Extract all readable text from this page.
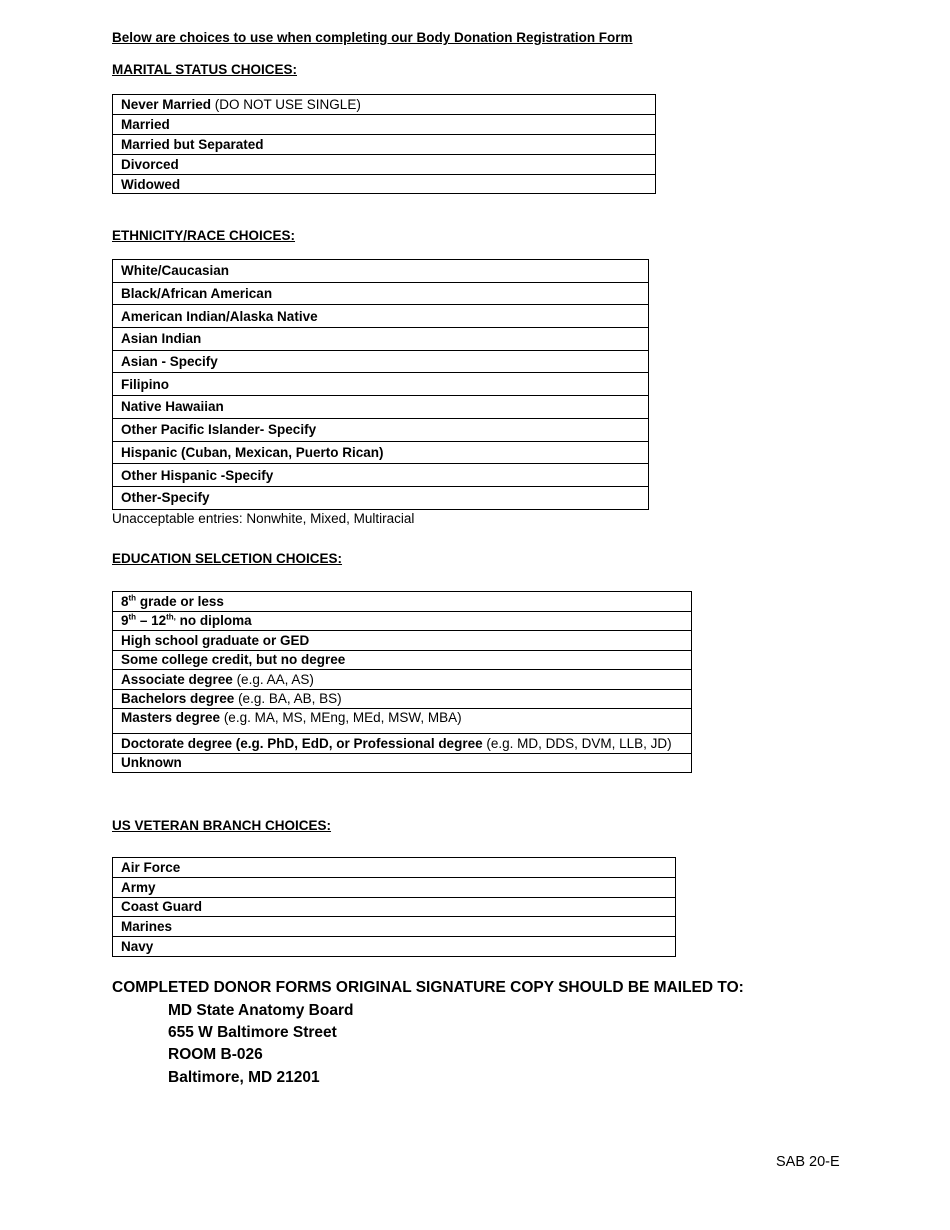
Below are choices to use when completing our Body Donation Registration Form
MARITAL STATUS CHOICES:
Never Married (DO NOT USE SINGLE)
Married
Married but Separated
Divorced
Widowed
ETHNICITY/RACE CHOICES:
White/Caucasian
Black/African American
American Indian/Alaska Native
Asian Indian
Asian - Specify
Filipino
Native Hawaiian
Other Pacific Islander- Specify
Hispanic (Cuban, Mexican, Puerto Rican)
Other Hispanic -Specify
Other-Specify
Unacceptable entries: Nonwhite, Mixed, Multiracial
EDUCATION SELCETION CHOICES:
8th grade or less
$9th - 12^{th,}$ no diploma
High school graduate or GED
Some college credit, but no degree
Associate degree (e.g. AA, AS)
Bachelors degree (e.g. BA, AB, BS)
Masters degree (e.g. MA, MS, MEng, MEd, MSW, MBA)
Doctorate degree (e.g. PhD, EdD, or Professional degree (e.g. MD, DDS, DVM, LLB, JD)
Unknown
US VETERAN BRANCH CHOICES:
Air Force
Army
Coast Guard
Marines
Navy
COMPLETED DONOR FORMS ORIGINAL SIGNATURE COPY SHOULD BE MAILED TO:
MD State Anatomy Board
655 W Baltimore Street
ROOM B-026
Baltimore, MD 21201
SAB 20-E
